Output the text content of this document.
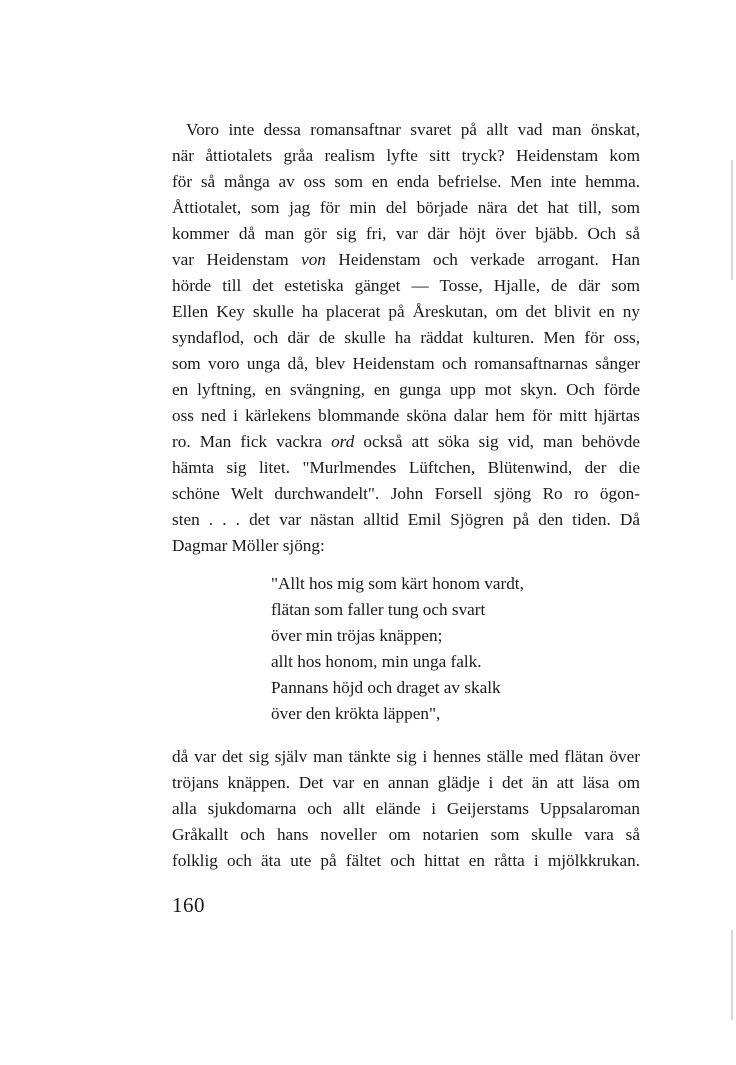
Voro inte dessa romansaftnar svaret på allt vad man önskat,
när åttiotalets gråa realism lyfte sitt tryck? Heidenstam kom
för så många av oss som en enda befrielse. Men inte hemma.
Åttiotalet, som jag för min del började nära det hat till, som
kommer då man gör sig fri, var där höjt över bjäbb. Och så
var Heidenstam von Heidenstam och verkade arrogant. Han
hörde till det estetiska gänget — Tosse, Hjalle, de där som
Ellen Key skulle ha placerat på Åreskutan, om det blivit en ny
syndaflod, och där de skulle ha räddat kulturen. Men för oss,
som voro unga då, blev Heidenstam och romansaftnarnas sånger
en lyftning, en svängning, en gunga upp mot skyn. Och förde
oss ned i kärlekens blommande sköna dalar hem för mitt hjärtas
ro. Man fick vackra ord också att söka sig vid, man behövde
hämta sig litet. "Murlmendes Lüftchen, Blütenwind, der die
schöne Welt durchwandelt". John Forsell sjöng Ro ro ögon-
sten . . . det var nästan alltid Emil Sjögren på den tiden. Då
Dagmar Möller sjöng:
"Allt hos mig som kärt honom vardt,
flätan som faller tung och svart
över min tröjas knäppen;
allt hos honom, min unga falk.
Pannans höjd och draget av skalk
över den krökta läppen",
då var det sig själv man tänkte sig i hennes ställe med flätan över
tröjans knäppen. Det var en annan glädje i det än att läsa om
alla sjukdomarna och allt elände i Geijerstams Uppsalaroman
Gråkallt och hans noveller om notarien som skulle vara så
folklig och äta ute på fältet och hittat en råtta i mjölkkrukan.
160
